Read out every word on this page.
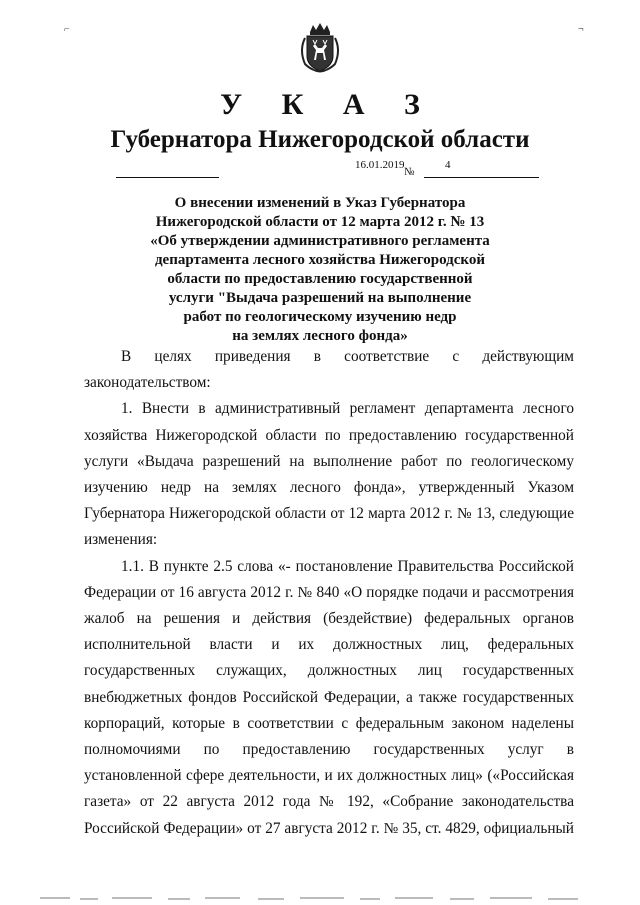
⌐	¬
У К А З
Губернатора Нижегородской области
16.01.2019
№
4
О внесении изменений в Указ Губернатора
Нижегородской области от 12 марта 2012 г. № 13
«Об утверждении административного регламента
департамента лесного хозяйства Нижегородской
области по предоставлению государственной
услуги "Выдача разрешений на выполнение
работ по геологическому изучению недр
на землях лесного фонда»
В целях приведения в соответствие с действующим
законодательством:
1. Внести в административный регламент департамента лесного
хозяйства Нижегородской области по предоставлению государственной
услуги «Выдача разрешений на выполнение работ по геологическому
изучению недр на землях лесного фонда», утвержденный Указом
Губернатора Нижегородской области от 12 марта 2012 г. № 13, следующие
изменения:
1.1. В пункте 2.5 слова «- постановление Правительства Российской
Федерации от 16 августа 2012 г. № 840 «О порядке подачи и рассмотрения
жалоб на решения и действия (бездействие) федеральных органов
исполнительной власти и их должностных лиц, федеральных
государственных служащих, должностных лиц государственных
внебюджетных фондов Российской Федерации, а также государственных
корпораций, которые в соответствии с федеральным законом наделены
полномочиями по предоставлению государственных услуг в
установленной сфере деятельности, и их должностных лиц» («Российская
газета» от 22 августа 2012 года № 192, «Собрание законодательства
Российской Федерации» от 27 августа 2012 г. № 35, ст. 4829, официальный
